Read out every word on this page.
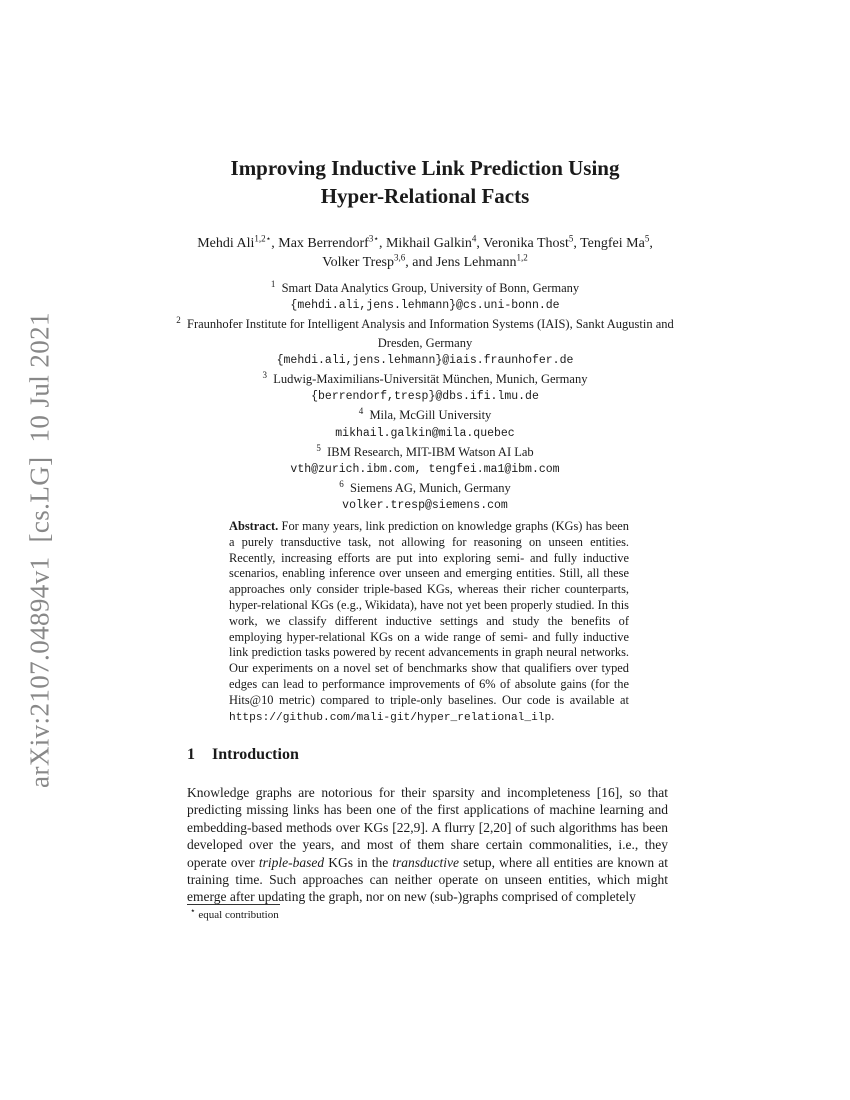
arXiv:2107.04894v1[cs.LG]10 Jul 2021
Improving Inductive Link Prediction Using
Hyper-Relational Facts
Mehdi Ali$^{1,2⋆}$, Max Berrendorf$^{3⋆}$, Mikhail Galkin$^4$, Veronika Thost$^5$, Tengfei Ma$^5$,
Volker Tresp$^{3,6}$, and Jens Lehmann$^{1,2}$
$^1$ Smart Data Analytics Group, University of Bonn, Germany
{mehdi.ali,jens.lehmann}@cs.uni-bonn.de
$^2$ Fraunhofer Institute for Intelligent Analysis and Information Systems (IAIS), Sankt Augustin and Dresden, Germany
{mehdi.ali,jens.lehmann}@iais.fraunhofer.de
$^3$ Ludwig-Maximilians-Universität München, Munich, Germany
{berrendorf,tresp}@dbs.ifi.lmu.de
$^4$ Mila, McGill University
mikhail.galkin@mila.quebec
$^5$ IBM Research, MIT-IBM Watson AI Lab
vth@zurich.ibm.com, tengfei.ma1@ibm.com
$^6$ Siemens AG, Munich, Germany
volker.tresp@siemens.com
Abstract. For many years, link prediction on knowledge graphs (KGs) has been a purely transductive task, not allowing for reasoning on unseen entities. Recently, increasing efforts are put into exploring semi- and fully inductive scenarios, enabling inference over unseen and emerging entities. Still, all these approaches only consider triple-based KGs, whereas their richer counterparts, hyper-relational KGs (e.g., Wikidata), have not yet been properly studied. In this work, we classify different inductive settings and study the benefits of employing hyper-relational KGs on a wide range of semi- and fully inductive link prediction tasks powered by recent advancements in graph neural networks. Our experiments on a novel set of benchmarks show that qualifiers over typed edges can lead to performance improvements of 6% of absolute gains (for the Hits@10 metric) compared to triple-only baselines. Our code is available at https://github.com/mali-git/hyper_relational_ilp.
1 Introduction
Knowledge graphs are notorious for their sparsity and incompleteness [16], so that predicting missing links has been one of the first applications of machine learning and embedding-based methods over KGs [22,9]. A flurry [2,20] of such algorithms has been developed over the years, and most of them share certain commonalities, i.e., they operate over triple-based KGs in the transductive setup, where all entities are known at training time. Such approaches can neither operate on unseen entities, which might emerge after updating the graph, nor on new (sub-)graphs comprised of completely
⋆ equal contribution
